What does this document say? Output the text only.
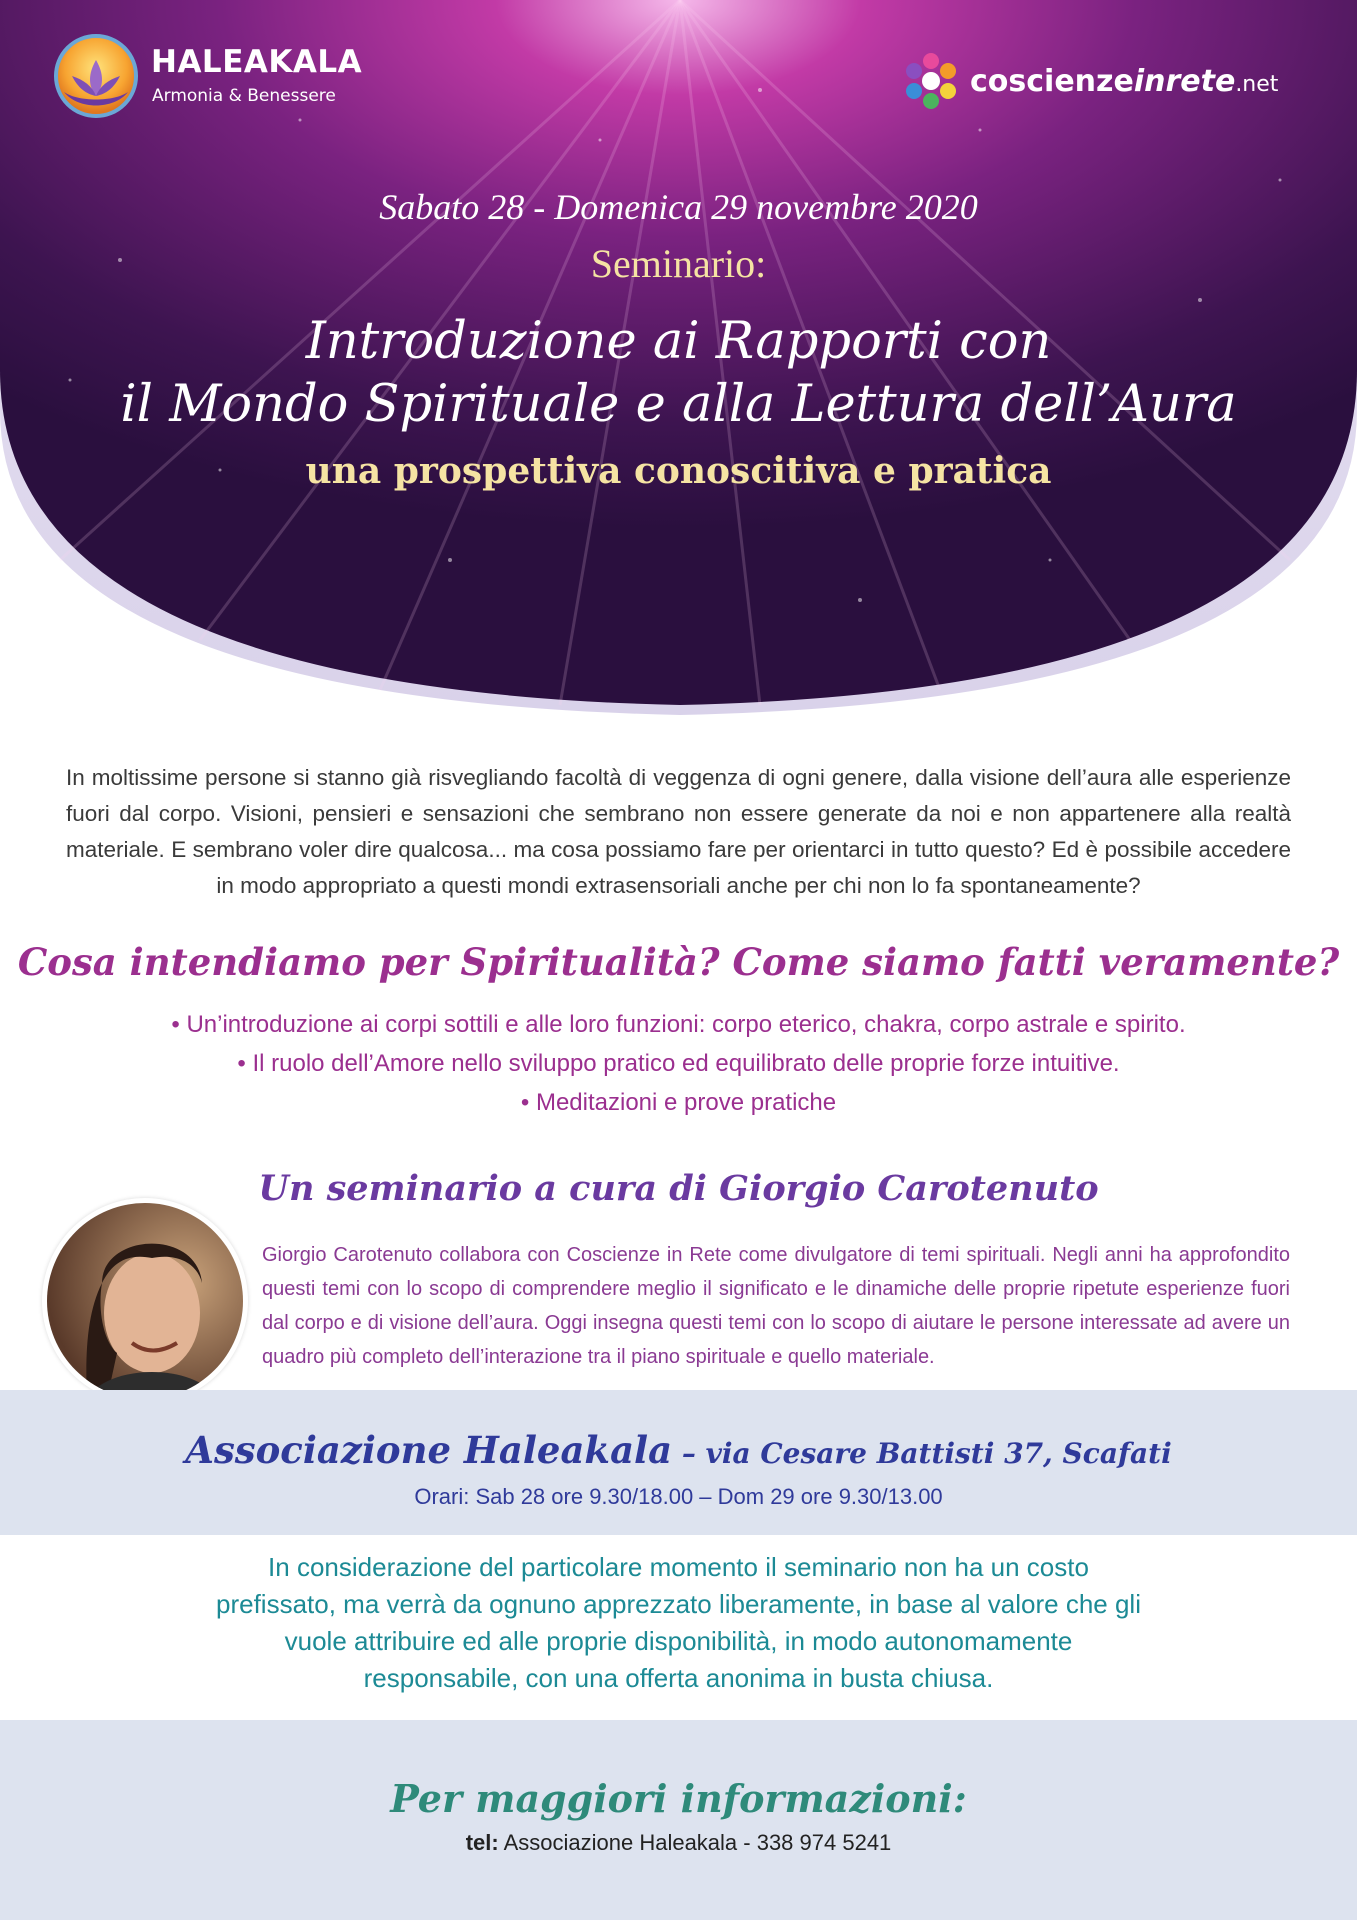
HALEAKALA
Armonia & Benessere	coscienzeinrete.net
Sabato 28 - Domenica 29 novembre 2020
Seminario:
Introduzione ai Rapporti con
il Mondo Spirituale e alla Lettura dell’Aura
una prospettiva conoscitiva e pratica
In moltissime persone si stanno già risvegliando facoltà di veggenza di ogni genere, dalla visione dell’aura alle esperienze fuori dal corpo. Visioni, pensieri e sensazioni che sembrano non essere generate da noi e non appartenere alla realtà materiale. E sembrano voler dire qualcosa... ma cosa possiamo fare per orientarci in tutto questo? Ed è possibile accedere in modo appropriato a questi mondi extrasensoriali anche per chi non lo fa spontaneamente?
Cosa intendiamo per Spiritualità? Come siamo fatti veramente?
• Un’introduzione ai corpi sottili e alle loro funzioni: corpo eterico, chakra, corpo astrale e spirito.
• Il ruolo dell’Amore nello sviluppo pratico ed equilibrato delle proprie forze intuitive.
• Meditazioni e prove pratiche
Un seminario a cura di Giorgio Carotenuto
Giorgio Carotenuto collabora con Coscienze in Rete come divulgatore di temi spirituali. Negli anni ha approfondito questi temi con lo scopo di comprendere meglio il significato e le dinamiche delle proprie ripetute esperienze fuori dal corpo e di visione dell’aura. Oggi insegna questi temi con lo scopo di aiutare le persone interessate ad avere un quadro più completo dell’interazione tra il piano spirituale e quello materiale.
Associazione Haleakala – via Cesare Battisti 37, Scafati
Orari: Sab 28 ore 9.30/18.00 – Dom 29 ore 9.30/13.00
In considerazione del particolare momento il seminario non ha un costo
prefissato, ma verrà da ognuno apprezzato liberamente, in base al valore che gli
vuole attribuire ed alle proprie disponibilità, in modo autonomamente
responsabile, con una offerta anonima in busta chiusa.
Per maggiori informazioni:
tel: Associazione Haleakala - 338 974 5241
